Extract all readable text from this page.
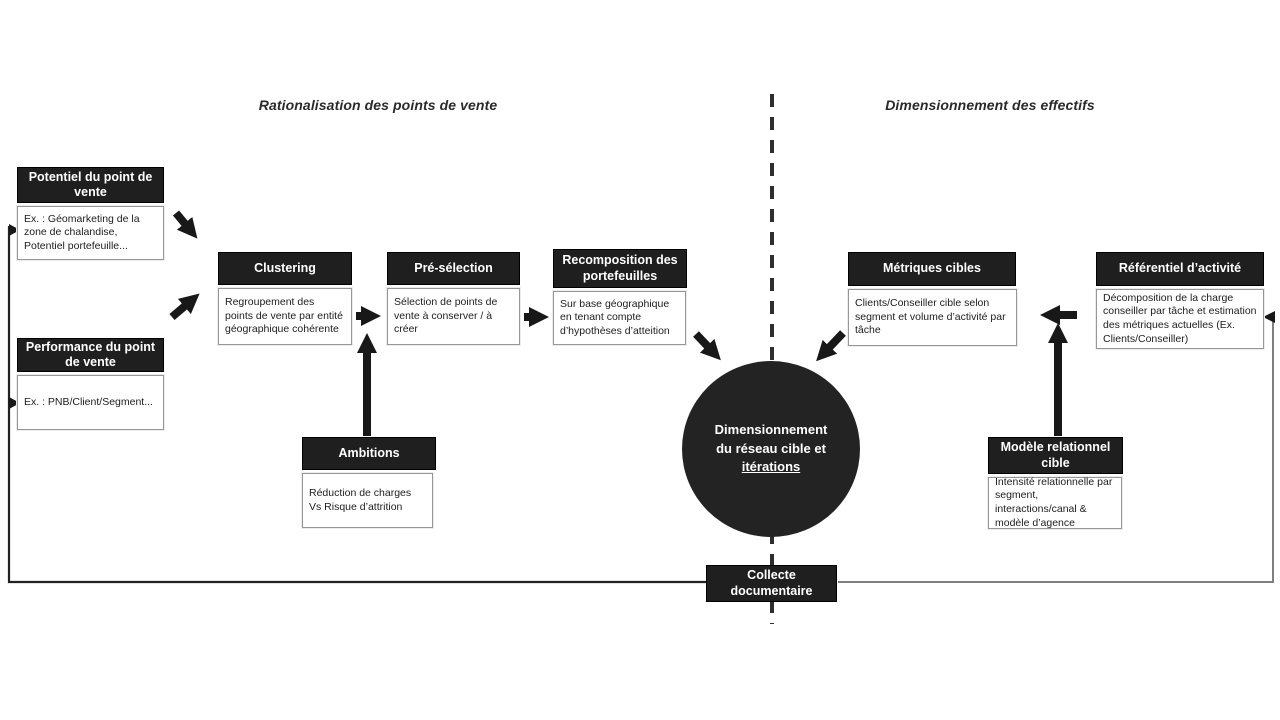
Rationalisation des points de vente	Dimensionnement des effectifs
Potentiel du point de vente
Ex. : Géomarketing de la zone de chalandise, Potentiel portefeuille...
Performance du point de vente
Ex. : PNB/Client/Segment...
Clustering
Regroupement des points de vente par entité géographique cohérente
Pré-sélection
Sélection de points de vente à conserver / à créer
Recomposition des portefeuilles
Sur base géographique en tenant compte d’hypothèses d’atteition
Ambitions
Réduction de charges Vs Risque d’attrition
Métriques cibles
Clients/Conseiller cible selon segment et volume d’activité par tâche
Référentiel d’activité
Décomposition de la charge conseiller par tâche et estimation des métriques actuelles (Ex. Clients/Conseiller)
Modèle relationnel cible
Intensité relationnelle par segment, interactions/canal & modèle d’agence
Dimensionnement
du réseau cible et
itérations
Collecte documentaire
